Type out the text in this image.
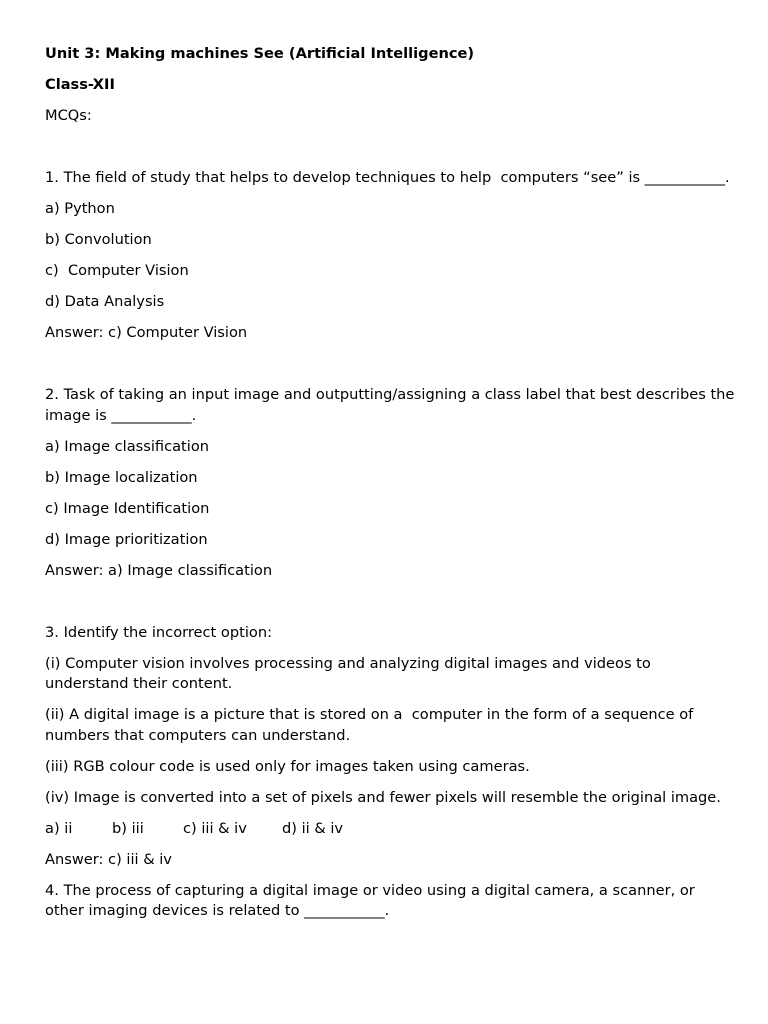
Unit 3: Making machines See (Artificial Intelligence)
Class-XII
MCQs:
1. The field of study that helps to develop techniques to help  computers “see” is ___________.
a) Python
b) Convolution
c)  Computer Vision
d) Data Analysis
Answer: c) Computer Vision
2. Task of taking an input image and outputting/assigning a class label that best describes the image is ___________.
a) Image classification
b) Image localization
c) Image Identification
d) Image prioritization
Answer: a) Image classification
3. Identify the incorrect option:
(i) Computer vision involves processing and analyzing digital images and videos to understand their content.
(ii) A digital image is a picture that is stored on a  computer in the form of a sequence of numbers that computers can understand.
(iii) RGB colour code is used only for images taken using cameras.
(iv) Image is converted into a set of pixels and fewer pixels will resemble the original image.
a) ii	b) iii	c) iii & iv d) ii & iv
Answer: c) iii & iv
4. The process of capturing a digital image or video using a digital camera, a scanner, or other imaging devices is related to ___________.
